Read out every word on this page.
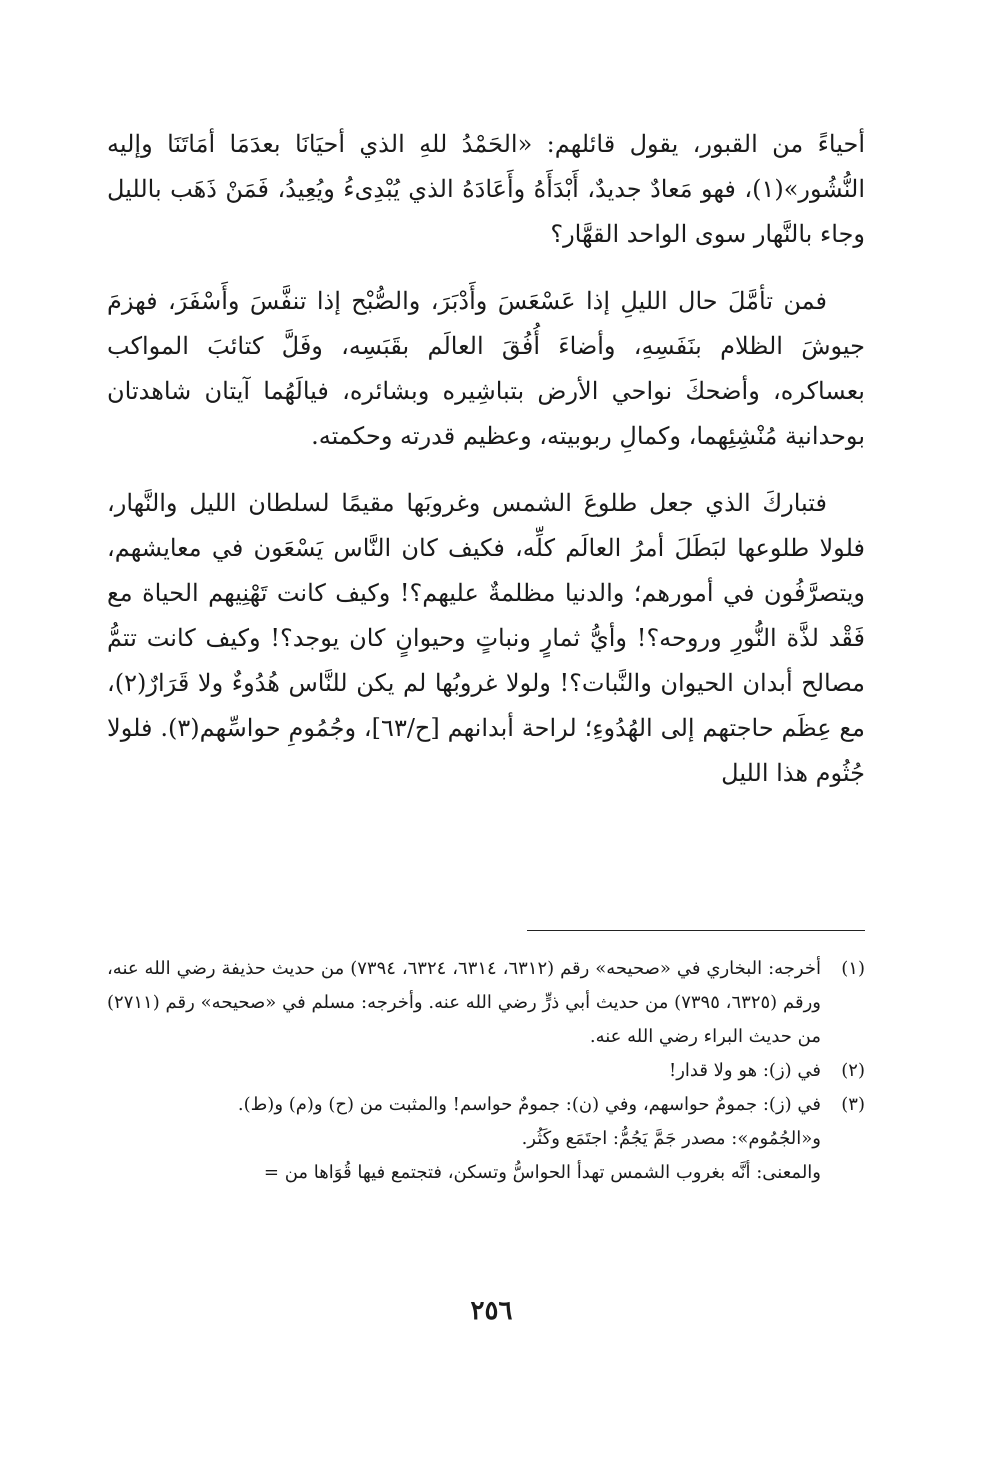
أحياءً من القبور، يقول قائلهم: «الحَمْدُ للهِ الذي أحيَانَا بعدَمَا أمَاتَنَا وإليه النُّشُور»(١)، فهو مَعادٌ جديدٌ، أَبْدَأَهُ وأَعَادَهُ الذي يُبْدِىءُ ويُعِيدُ، فَمَنْ ذَهَب بالليل وجاء بالنَّهار سوى الواحد القهَّار؟

فمن تأمَّلَ حال الليلِ إذا عَسْعَسَ وأَدْبَرَ، والصُّبْح إذا تنفَّسَ وأَسْفَرَ، فهزمَ جيوشَ الظلام بنَفَسِهِ، وأضاءَ أُفُقَ العالَم بقَبَسِه، وفَلَّ كتائبَ المواكب بعساكره، وأضحكَ نواحي الأرض بتباشِيره وبشائره، فيالَهُما آيتان شاهدتان بوحدانية مُنْشِئِهما، وكمالِ ربوبيته، وعظيم قدرته وحكمته.

فتباركَ الذي جعل طلوعَ الشمس وغروبَها مقيمًا لسلطان الليل والنَّهار، فلولا طلوعها لبَطَلَ أمرُ العالَم كلِّه، فكيف كان النَّاس يَسْعَون في معايشهم، ويتصرَّفُون في أمورهم؛ والدنيا مظلمةٌ عليهم؟! وكيف كانت تَهْنِيهم الحياة مع فَقْد لذَّة النُّورِ وروحه؟! وأيُّ ثمارٍ ونباتٍ وحيوانٍ كان يوجد؟! وكيف كانت تتمُّ مصالح أبدان الحيوان والنَّبات؟! ولولا غروبُها لم يكن للنَّاس هُدُوءٌ ولا قَرَارٌ(٢)، مع عِظَم حاجتهم إلى الهُدُوءِ؛ لراحة أبدانهم [ح/٦٣]، وجُمُومِ حواسِّهم(٣). فلولا جُثُوم هذا الليل

(١)
أخرجه: البخاري في «صحيحه» رقم (٦٣١٢، ٦٣١٤، ٦٣٢٤، ٧٣٩٤) من حديث حذيفة رضي الله عنه، ورقم (٦٣٢٥، ٧٣٩٥) من حديث أبي ذرٍّ رضي الله عنه. وأخرجه: مسلم في «صحيحه» رقم (٢٧١١) من حديث البراء رضي الله عنه.
(٢)
في (ز): هو ولا قدار!
(٣)
في (ز): جمومٌ حواسهم، وفي (ن): جمومٌ حواسم! والمثبت من (ح) و(م) و(ط).

و«الجُمُوم»: مصدر جَمَّ يَجُمُّ: اجتَمَع وكَثُر.

والمعنى: أنَّه بغروب الشمس تهدأ الحواسُّ وتسكن، فتجتمع فيها قُوَاها من =

٢٥٦
